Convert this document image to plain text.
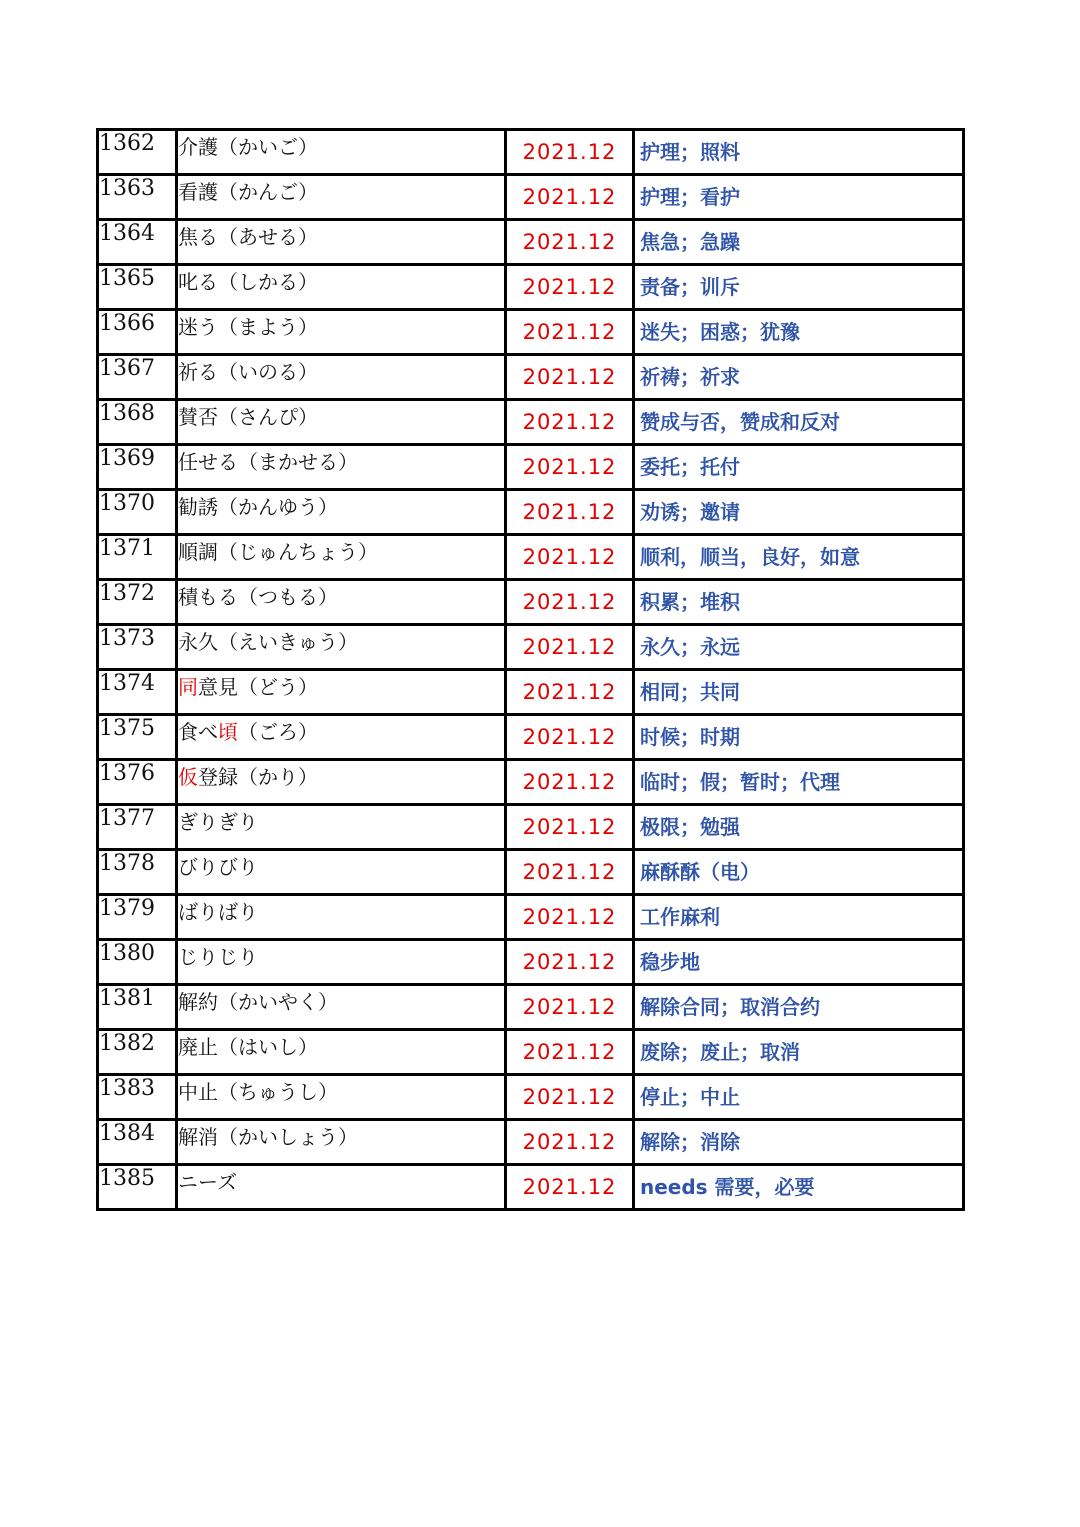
1362	介護（かいご）	2021.12	护理；照料
1363	看護（かんご）	2021.12	护理；看护
1364	焦る（あせる）	2021.12	焦急；急躁
1365	叱る（しかる）	2021.12	责备；训斥
1366	迷う（まよう）	2021.12	迷失；困惑；犹豫
1367	祈る（いのる）	2021.12	祈祷；祈求
1368	賛否（さんぴ）	2021.12	赞成与否，赞成和反对
1369	任せる（まかせる）	2021.12	委托；托付
1370	勧誘（かんゆう）	2021.12	劝诱；邀请
1371	順調（じゅんちょう）	2021.12	顺利，顺当，良好，如意
1372	積もる（つもる）	2021.12	积累；堆积
1373	永久（えいきゅう）	2021.12	永久；永远
1374	同意見（どう）	2021.12	相同；共同
1375	食べ頃（ごろ）	2021.12	时候；时期
1376	仮登録（かり）	2021.12	临时；假；暂时；代理
1377	ぎりぎり	2021.12	极限；勉强
1378	びりびり	2021.12	麻酥酥（电）
1379	ばりばり	2021.12	工作麻利
1380	じりじり	2021.12	稳步地
1381	解約（かいやく）	2021.12	解除合同；取消合约
1382	廃止（はいし）	2021.12	废除；废止；取消
1383	中止（ちゅうし）	2021.12	停止；中止
1384	解消（かいしょう）	2021.12	解除；消除
1385	ニーズ	2021.12	needs 需要，必要
